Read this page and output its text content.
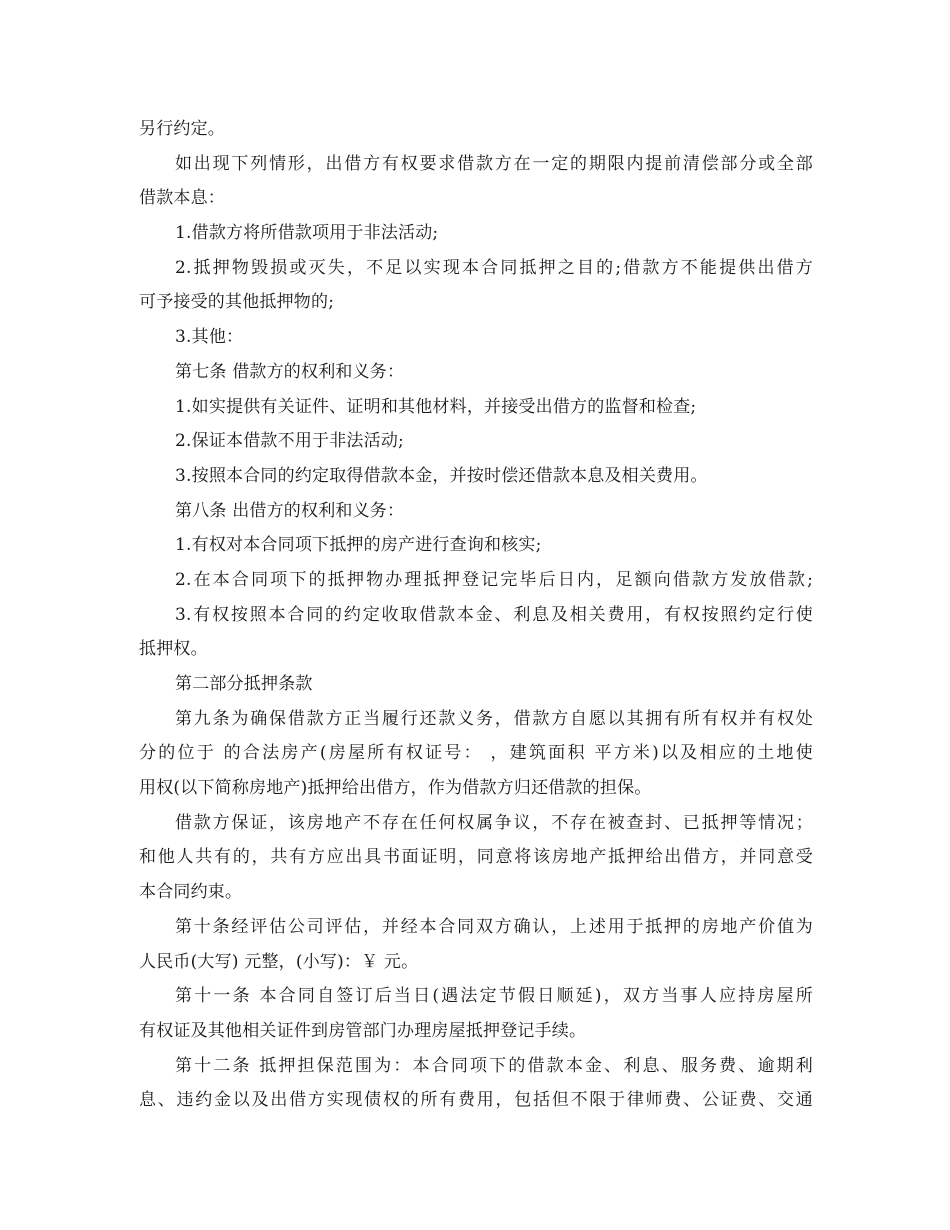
另行约定。
如出现下列情形，出借方有权要求借款方在一定的期限内提前清偿部分或全部
借款本息：
1.借款方将所借款项用于非法活动;
2.抵押物毁损或灭失，不足以实现本合同抵押之目的;借款方不能提供出借方
可予接受的其他抵押物的;
3.其他：
第七条 借款方的权利和义务：
1.如实提供有关证件、证明和其他材料，并接受出借方的监督和检查;
2.保证本借款不用于非法活动;
3.按照本合同的约定取得借款本金，并按时偿还借款本息及相关费用。
第八条 出借方的权利和义务：
1.有权对本合同项下抵押的房产进行查询和核实;
2.在本合同项下的抵押物办理抵押登记完毕后日内，足额向借款方发放借款;
3.有权按照本合同的约定收取借款本金、利息及相关费用，有权按照约定行使
抵押权。
第二部分抵押条款
第九条为确保借款方正当履行还款义务，借款方自愿以其拥有所有权并有权处
分的位于 的合法房产(房屋所有权证号： ，建筑面积 平方米)以及相应的土地使
用权(以下简称房地产)抵押给出借方，作为借款方归还借款的担保。
借款方保证，该房地产不存在任何权属争议，不存在被查封、已抵押等情况；
和他人共有的，共有方应出具书面证明，同意将该房地产抵押给出借方，并同意受
本合同约束。
第十条经评估公司评估，并经本合同双方确认，上述用于抵押的房地产价值为
人民币(大写) 元整，(小写)：￥ 元。
第十一条 本合同自签订后当日(遇法定节假日顺延)，双方当事人应持房屋所
有权证及其他相关证件到房管部门办理房屋抵押登记手续。
第十二条 抵押担保范围为：本合同项下的借款本金、利息、服务费、逾期利
息、违约金以及出借方实现债权的所有费用，包括但不限于律师费、公证费、交通
